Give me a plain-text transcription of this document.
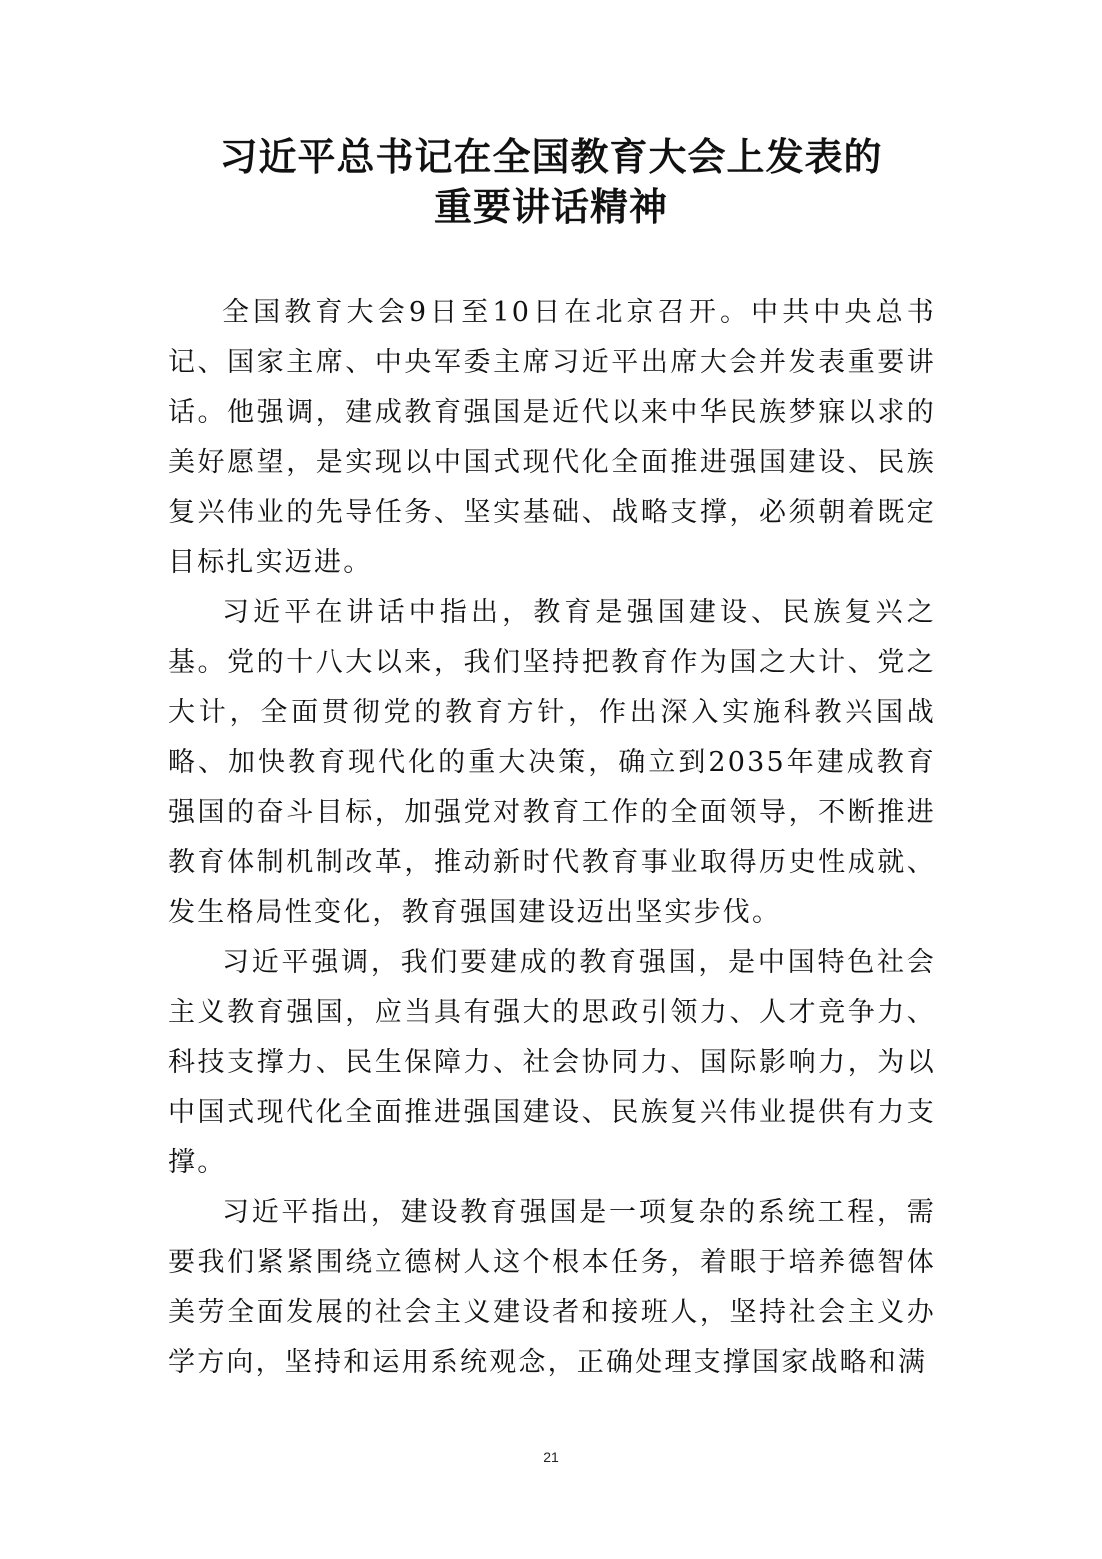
习近平总书记在全国教育大会上发表的
重要讲话精神

全国教育大会9日至10日在北京召开。中共中央总书记、国家主席、中央军委主席习近平出席大会并发表重要讲话。他强调，建成教育强国是近代以来中华民族梦寐以求的美好愿望，是实现以中国式现代化全面推进强国建设、民族复兴伟业的先导任务、坚实基础、战略支撑，必须朝着既定目标扎实迈进。

习近平在讲话中指出，教育是强国建设、民族复兴之基。党的十八大以来，我们坚持把教育作为国之大计、党之大计，全面贯彻党的教育方针，作出深入实施科教兴国战略、加快教育现代化的重大决策，确立到2035年建成教育强国的奋斗目标，加强党对教育工作的全面领导，不断推进教育体制机制改革，推动新时代教育事业取得历史性成就、发生格局性变化，教育强国建设迈出坚实步伐。

习近平强调，我们要建成的教育强国，是中国特色社会主义教育强国，应当具有强大的思政引领力、人才竞争力、科技支撑力、民生保障力、社会协同力、国际影响力，为以中国式现代化全面推进强国建设、民族复兴伟业提供有力支撑。

习近平指出，建设教育强国是一项复杂的系统工程，需要我们紧紧围绕立德树人这个根本任务，着眼于培养德智体美劳全面发展的社会主义建设者和接班人，坚持社会主义办学方向，坚持和运用系统观念，正确处理支撑国家战略和满

21
